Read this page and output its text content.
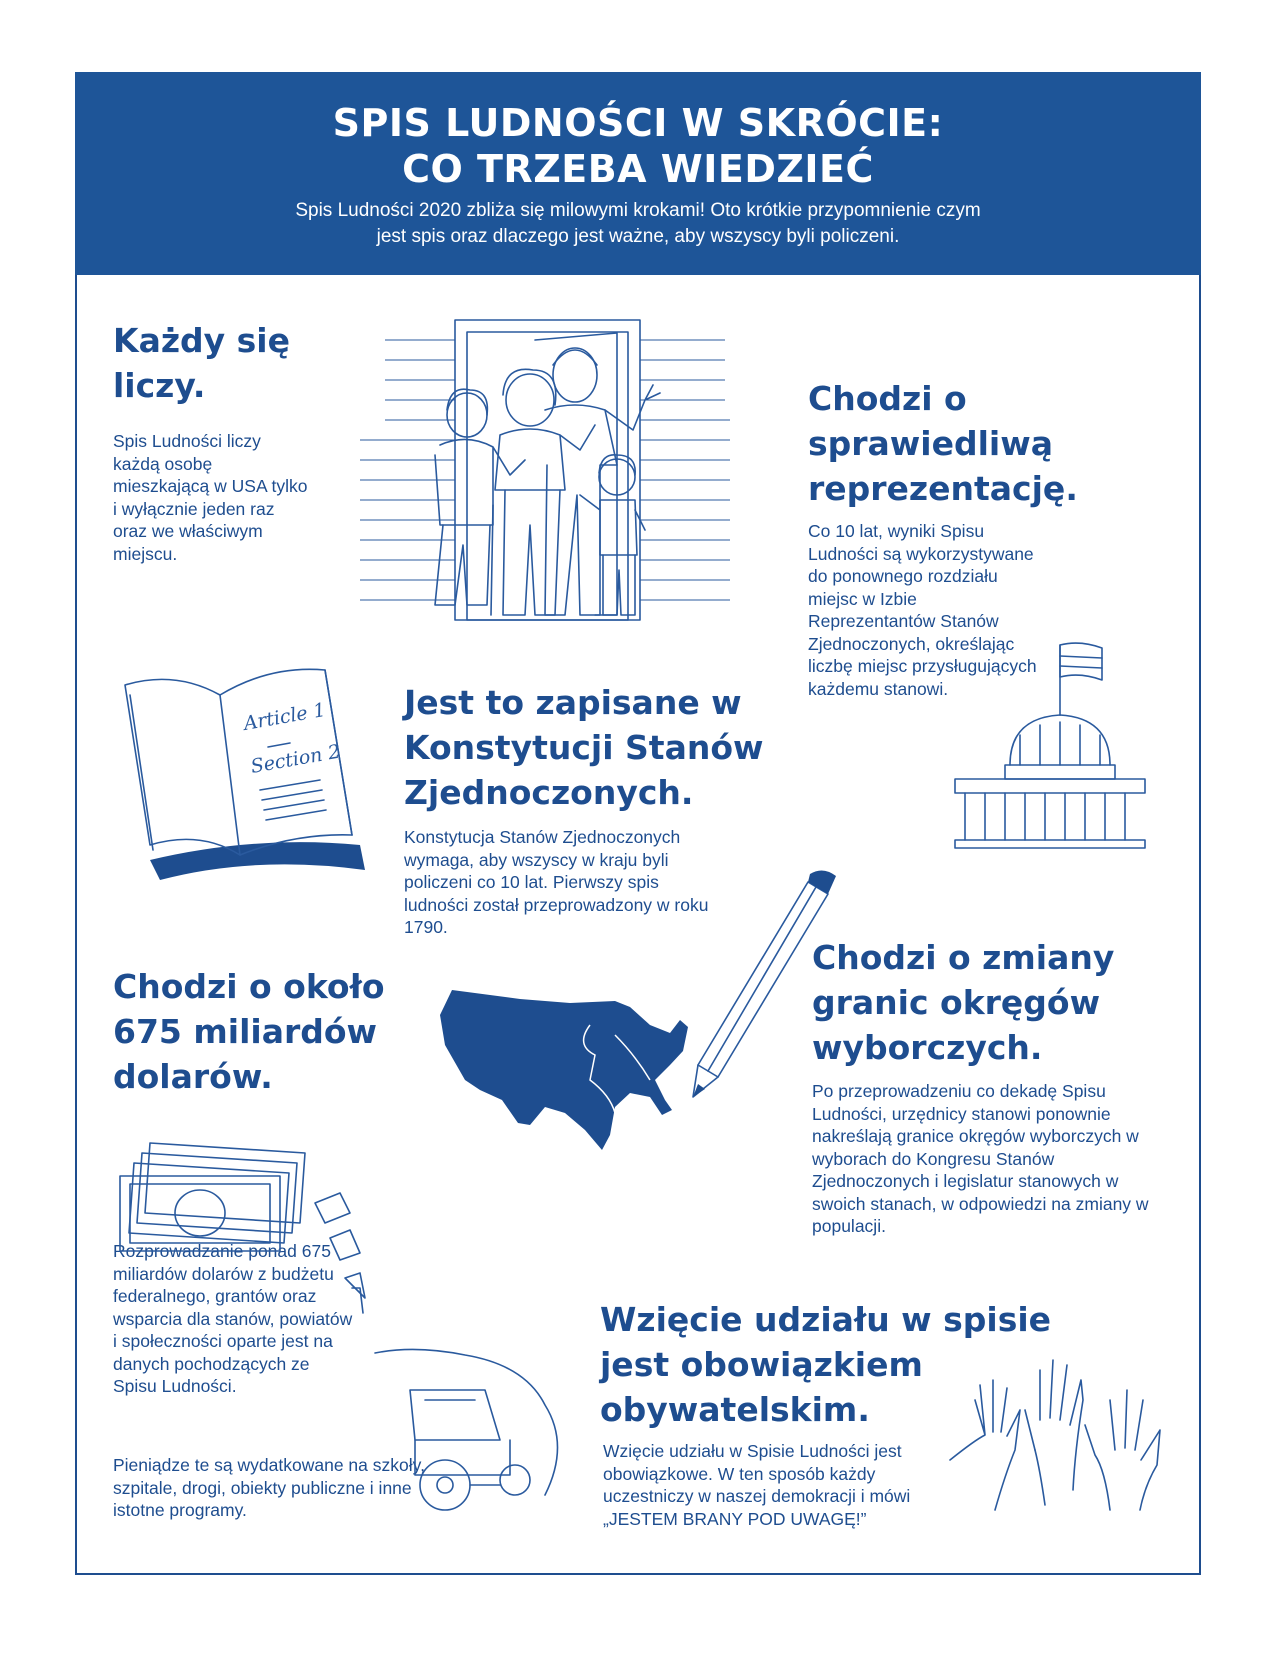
SPIS LUDNOŚCI W SKRÓCIE:
CO TRZEBA WIEDZIEĆ

Spis Ludności 2020 zbliża się milowymi krokami! Oto krótkie przypomnienie czym jest spis oraz dlaczego jest ważne, aby wszyscy byli policzeni.

Każdy się
liczy.

Spis Ludności liczy każdą osobę mieszkającą w USA tylko i wyłącznie jeden raz oraz we właściwym miejscu.

Chodzi o
sprawiedliwą
reprezentację.

Co 10 lat, wyniki Spisu Ludności są wykorzystywane do ponownego rozdziału miejsc w Izbie Reprezentantów Stanów Zjednoczonych, określając liczbę miejsc przysługujących każdemu stanowi.

Jest to zapisane w
Konstytucji Stanów
Zjednoczonych.

Konstytucja Stanów Zjednoczonych wymaga, aby wszyscy w kraju byli policzeni co 10 lat. Pierwszy spis ludności został przeprowadzony w roku 1790.

Chodzi o około
675 miliardów
dolarów.

Rozprowadzanie ponad 675 miliardów dolarów z budżetu federalnego, grantów oraz wsparcia dla stanów, powiatów i społeczności oparte jest na danych pochodzących ze Spisu Ludności.

Pieniądze te są wydatkowane na szkoły, szpitale, drogi, obiekty publiczne i inne istotne programy.

Chodzi o zmiany
granic okręgów
wyborczych.

Po przeprowadzeniu co dekadę Spisu Ludności, urzędnicy stanowi ponownie nakreślają granice okręgów wyborczych w wyborach do Kongresu Stanów Zjednoczonych i legislatur stanowych w swoich stanach, w odpowiedzi na zmiany w populacji.

Wzięcie udziału w spisie
jest obowiązkiem
obywatelskim.

Wzięcie udziału w Spisie Ludności jest obowiązkowe. W ten sposób każdy uczestniczy w naszej demokracji i mówi „JESTEM BRANY POD UWAGĘ!”

Article 1
Section 2
